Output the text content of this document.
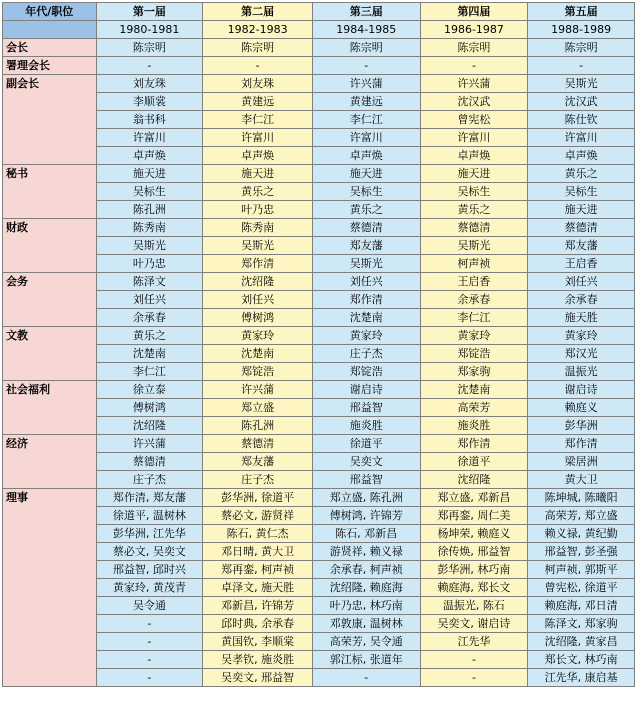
年代/职位	第一届	第二届	第三届	第四届	第五届
	1980-1981	1982-1983	1984-1985	1986-1987	1988-1989
会长	陈宗明	陈宗明	陈宗明	陈宗明	陈宗明
署理会长	-	-	-	-	-
副会长	刘友珠	刘友珠	许兴蒲	许兴蒲	吴斯光
	李顺裳	黄建远	黄建远	沈汉武	沈汉武
	翁书科	李仁江	李仁江	曾宪松	陈仕钦
	许富川	许富川	许富川	许富川	许富川
	卓声焕	卓声焕	卓声焕	卓声焕	卓声焕
秘书	施天进	施天进	施天进	施天进	黄乐之
	吴标生	黄乐之	吴标生	吴标生	吴标生
	陈孔洲	叶乃忠	黄乐之	黄乐之	施天进
财政	陈秀南	陈秀南	蔡德清	蔡德清	蔡德清
	吴斯光	吴斯光	郑友藩	吴斯光	郑友藩
	叶乃忠	郑作清	吴斯光	柯声祯	王启香
会务	陈泽文	沈绍隆	刘任兴	王启香	刘任兴
	刘任兴	刘任兴	郑作清	余承春	余承春
	余承春	傅树鸿	沈楚南	李仁江	施天胜
文教	黄乐之	黄家玲	黄家玲	黄家玲	黄家玲
	沈楚南	沈楚南	庄子杰	郑锭浩	郑汉光
	李仁江	郑锭浩	郑锭浩	郑家驹	温振光
社会福利	徐立泰	许兴蒲	谢启诗	沈楚南	谢启诗
	傅树鸿	郑立盛	邢益智	高荣芳	赖庭义
	沈绍隆	陈孔洲	施炎胜	施炎胜	彭华洲
经济	许兴蒲	蔡德清	徐道平	郑作清	郑作清
	蔡德清	郑友藩	吴奕文	徐道平	梁居洲
	庄子杰	庄子杰	邢益智	沈绍隆	黄大卫
理事	郑作清, 郑友藩	彭华洲, 徐道平	郑立盛, 陈孔洲	郑立盛, 邓新昌	陈坤城, 陈曦阳
	徐道平, 温树林	蔡必文, 游贤祥	傅树鸿, 许锦芳	郑再銮, 周仁美	高荣芳, 郑立盛
	彭华洲, 江先华	陈石, 黄仁杰	陈石, 邓新昌	杨坤荣, 赖庭义	赖义禄, 黄纪勤
	蔡必文, 吴奕文	邓日晴, 黄大卫	游贤祥, 赖义禄	徐传焕, 邢益智	邢益智, 彭圣强
	邢益智, 邱时兴	郑再銮, 柯声祯	余承春, 柯声祯	彭华洲, 林巧南	柯声祯, 郭斯平
	黄家玲, 黄茂青	卓泽文, 施天胜	沈绍隆, 赖庭海	赖庭海, 郑长文	曾宪松, 徐道平
	吴令通	邓新昌, 许锦芳	叶乃忠, 林巧南	温振光, 陈石	赖庭海, 邓日清
	-	邱时典, 余承春	邓敦康, 温树林	吴奕文, 谢启诗	陈泽文, 郑家驹
	-	黄国钦, 李顺棠	高荣芳, 吴令通	江先华	沈绍隆, 黄家昌
	-	吴孝钦, 施炎胜	郭江标, 张道年	-	郑长文, 林巧南
	-	吴奕文, 邢益智	-	-	江先华, 康启基
